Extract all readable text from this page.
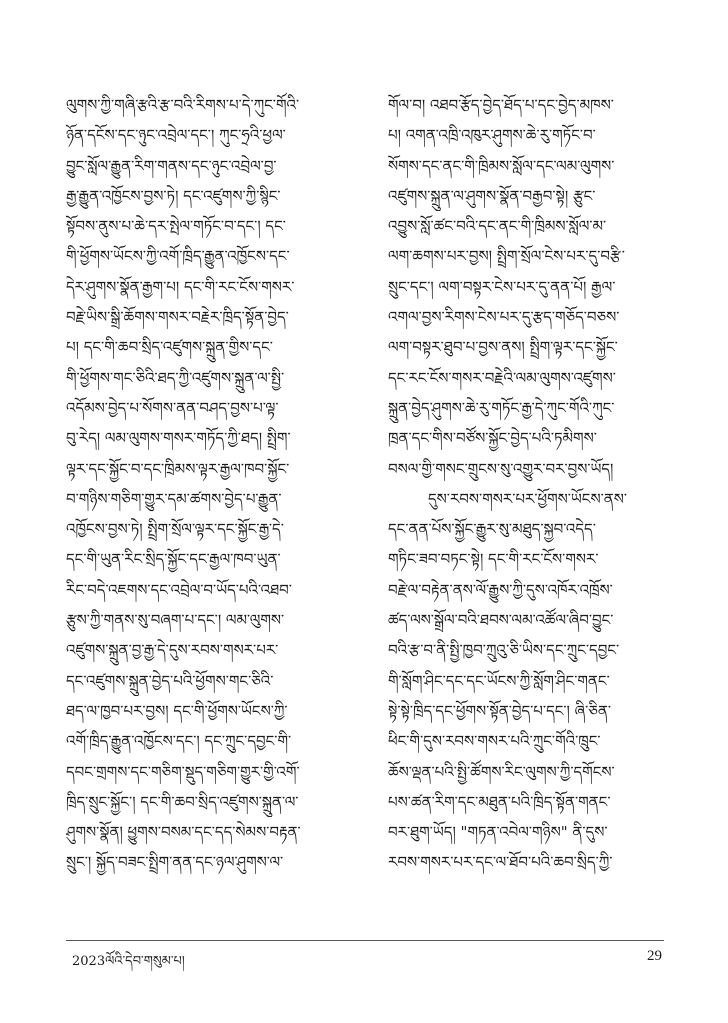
ལུགས་ཀྱི་གཞི་རྩའི་རྩ་བའི་རིགས་པ་དེ་ཀུང་གོའི་
ཉོན་དངོས་དང་ཉུང་འབྲེལ་དང་། ཀུང་ཧྲའི་ཕྱལ་
བྱུང་སློལ་རྒྱུན་རིག་གནས་དང་ཉུང་འབྲེལ་བྱ་
རྒྱ་རྒྱུན་འཁྱོངས་བྱས་ཏེ། དང་འཛུགས་ཀྱི་སྙིང་
སྟོབས་ནུས་པ་ཆེ་དར་སྤེལ་གཏོང་བ་དང་། དང་
གི་ཕྱོགས་ཡོངས་ཀྱི་འགོ་ཁྲིད་རྒྱུན་འཁྱོངས་དང་
དེར་ཤུགས་སྣོན་རྒྱག་པ། དང་གི་རང་ངོས་གསར་
བརྗེ་ཡིས་སྒྲི་ཆོགས་གསར་བརྗེར་ཁྲིད་སྟོན་བྱེད་
པ། དང་གི་ཆབ་སྲིད་འཛུགས་སྐྲུན་གྱིས་དང་
གི་ཕྱོགས་གང་ཅིའི་ཐད་ཀྱི་འཛུགས་སྐྲུན་ལ་སྤྱི་
འདོམས་བྱེད་པ་སོགས་ནན་བཤད་བྱས་པ་ལྟ་
བུ་རེད། ལམ་ལུགས་གསར་གཏོད་ཀྱི་ཐད། སྤྲིག་
ལྟར་དང་སྐྱོང་བ་དང་ཁྲིམས་ལྟར་རྒྱལ་ཁབ་སྐྱོང་
བ་གཉིས་གཅིག་གྱུར་དམ་ཚགས་བྱེད་པ་རྒྱུན་
འཁྱོངས་བྱས་ཏེ། སྤྲིག་སྲོལ་ལྟར་དང་སྐྱོང་རྒྱ་དེ་
དང་གི་ཡུན་རིང་སྲིད་སྐྱོང་དང་རྒྱལ་ཁབ་ཡུན་
རིང་བདེ་འཇགས་དང་འབྲེལ་བ་ཡོད་པའི་འཐབ་
རྩུས་ཀྱི་གནས་སུ་བཞག་པ་དང་། ལམ་ལུགས་
འཛུགས་སྐྲུན་བྱ་རྒྱ་དེ་དུས་རབས་གསར་པར་
དང་འཛུགས་སྐྲུན་བྱེད་པའི་ཕྱོགས་གང་ཅིའི་
ཐད་ལ་ཁྱབ་པར་བྱས། དང་གི་ཕྱོགས་ཡོངས་ཀྱི་
འགོ་ཁྲིད་རྒྱུན་འཁྱོངས་དང་། དང་ཀྲུང་དབྱང་གི་
དབང་གྲགས་དང་གཅིག་སྡུད་གཅིག་གྱུར་གྱི་འགོ་
ཁྲིད་སྲུང་སྐྱོང་། དང་གི་ཆབ་སྲིད་འཛུགས་སྐྲུན་ལ་
ཤུགས་སྣོན། ཕྱུགས་བསམ་དང་དད་སེམས་བརྟན་
སྲུང་། སྐྱོད་བཟང་སྤྲིག་ནན་དང་ཉལ་ཤུགས་ལ་
གོལ་བ། འཐབ་རྩོད་བྱེད་ཐོད་པ་དང་བྱེད་མཁས་
པ། འགན་འཁྲི་འཁུར་ཤུགས་ཆེ་རུ་གཏོང་བ་
སོགས་དང་ནང་གི་ཁྲིམས་སློལ་དང་ལམ་ལུགས་
འཛུགས་སྐྲུན་ལ་ཤུགས་སྣོན་བརྒྱབ་སྟེ། རྩུང་
འབྱུས་སློ་ཚང་བའི་དང་ནང་གི་ཁྲིམས་སློལ་མ་
ལག་ཆགས་པར་བྱས། སྤྲིག་སྲོལ་ངེས་པར་དུ་བརྩི་
སྲུང་དང་། ལག་བསྟར་ངེས་པར་དུ་ནན་པོ། རྒྱལ་
འགལ་བྱས་རིགས་ངེས་པར་དུ་རྩད་གཅོད་བཅས་
ལག་བསྟར་ཐུབ་པ་བྱས་ནས། སྤྲིག་ལྟར་དང་སྐྱོང་
དང་རང་ངོས་གསར་བརྗེའི་ལམ་ལུགས་འཛུགས་
སྐྲུན་བྱེད་ཤུགས་ཆེ་རུ་གཏོང་རྒྱ་དེ་ཀུང་གོའི་ཀུང་
ཁྲན་དང་གིས་བཙོས་སྐྱོང་བྱེད་པའི་ཏམིགས་
བསལ་གྱི་གསང་གྲུངས་སུ་འགྱུར་བར་བྱས་ཡོད།
དུས་རབས་གསར་པར་ཕྱོགས་ཡོངས་ནས་
དང་ནན་པོས་སྐྱོང་རྒྱུར་སུ་མཐུད་སྐྱབ་འདེད་
གཏིང་ཟབ་བཏང་སྟེ། དང་གི་རང་ངོས་གསར་
བརྗེ་ལ་བརྟེན་ནས་ལོ་རྒྱུས་ཀྱི་དུས་འཁོར་འཁྲོས་
ཚད་ལས་སྒྲོལ་བའི་ཐབས་ལམ་འཚོལ་ཞིབ་བྱུང་
བའི་རྩ་བ་ནི་སྤྱི་ཁྱབ་ཀྲུའུ་ཅི་ཡིས་དང་ཀྲུང་དབྱང་
གི་སློག་ཤིང་དང་དང་ཡོངས་ཀྱི་སློག་ཤིང་གནང་
སྟེ་སྟེ་ཁྲིད་དང་ཕྱོགས་སྟོན་བྱེད་པ་དང་། ཞི་ཅིན་
ཕིང་གི་དུས་རབས་གསར་པའི་ཀྲུང་གོའི་ཁྲུང་
ཆོས་ལྡན་པའི་སྤྱི་ཚོགས་རིང་ལུགས་ཀྱི་དགོངས་
པས་ཚན་རིག་དང་མཐུན་པའི་ཁྲིད་སྟོན་གནང་
བར་ཐུག་ཡོད། "གཏན་འབེལ་གཉིས" ནི་དུས་
རབས་གསར་པར་དང་ལ་ཐོབ་པའི་ཆབ་སྲིད་ཀྱི་
2023ལོའི་དེབ་གསུམ་པ།	29
